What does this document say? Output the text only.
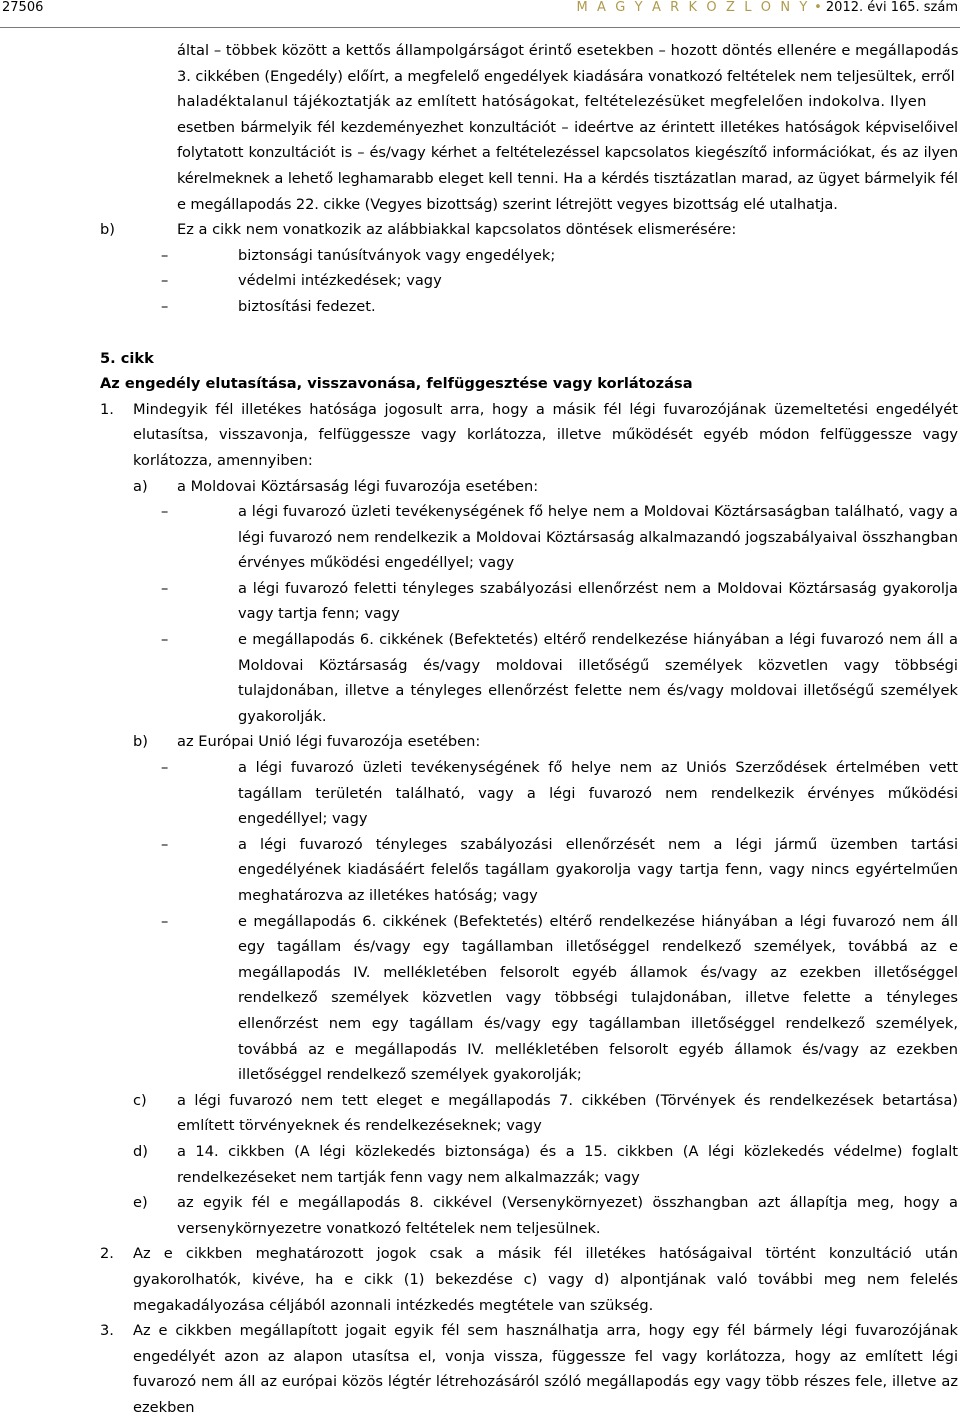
27506	M A G Y A R K Ö Z L Ö N Y • 2012. évi 165. szám
által – többek között a kettős állampolgárságot érintő esetekben – hozott döntés ellenére e megállapodás
3. cikkében (Engedély) előírt, a megfelelő engedélyek kiadására vonatkozó feltételek nem teljesültek, erről
haladéktalanul tájékoztatják az említett hatóságokat, feltételezésüket megfelelően indokolva. Ilyen

esetben bármelyik fél kezdeményezhet konzultációt – ideértve az érintett illetékes hatóságok képviselőivel folytatott konzultációt is – és/vagy kérhet a feltételezéssel kapcsolatos kiegészítő információkat, és az ilyen kérelmeknek a lehető leghamarabb eleget kell tenni. Ha a kérdés tisztázatlan marad, az ügyet bármelyik fél e megállapodás 22. cikke (Vegyes bizottság) szerint létrejött vegyes bizottság elé utalhatja.

b)	Ez a cikk nem vonatkozik az alábbiakkal kapcsolatos döntések elismerésére:
–	biztonsági tanúsítványok vagy engedélyek;
–	védelmi intézkedések; vagy
–	biztosítási fedezet.
5. cikk
Az engedély elutasítása, visszavonása, felfüggesztése vagy korlátozása
1. Mindegyik fél illetékes hatósága jogosult arra, hogy a másik fél légi fuvarozójának üzemeltetési engedélyét elutasítsa, visszavonja, felfüggessze vagy korlátozza, illetve működését egyéb módon felfüggessze vagy korlátozza, amennyiben:

a) a Moldovai Köztársaság légi fuvarozója esetében:
–	a légi fuvarozó üzleti tevékenységének fő helye nem a Moldovai Köztársaságban található, vagy a légi fuvarozó nem rendelkezik a Moldovai Köztársaság alkalmazandó jogszabályaival összhangban érvényes működési engedéllyel; vagy

–	a légi fuvarozó feletti tényleges szabályozási ellenőrzést nem a Moldovai Köztársaság gyakorolja vagy tartja fenn; vagy

–	e megállapodás 6. cikkének (Befektetés) eltérő rendelkezése hiányában a légi fuvarozó nem áll a Moldovai Köztársaság és/vagy moldovai illetőségű személyek közvetlen vagy többségi tulajdonában, illetve a tényleges ellenőrzést felette nem és/vagy moldovai illetőségű személyek gyakorolják.

b) az Európai Unió légi fuvarozója esetében:
–	a légi fuvarozó üzleti tevékenységének fő helye nem az Uniós Szerződések értelmében vett tagállam területén található, vagy a légi fuvarozó nem rendelkezik érvényes működési engedéllyel; vagy

–	a légi fuvarozó tényleges szabályozási ellenőrzését nem a légi jármű üzemben tartási engedélyének kiadásáért felelős tagállam gyakorolja vagy tartja fenn, vagy nincs egyértelműen meghatározva az illetékes hatóság; vagy

–	e megállapodás 6. cikkének (Befektetés) eltérő rendelkezése hiányában a légi fuvarozó nem áll egy tagállam és/vagy egy tagállamban illetőséggel rendelkező személyek, továbbá az e megállapodás IV. mellékletében felsorolt egyéb államok és/vagy az ezekben illetőséggel rendelkező személyek közvetlen vagy többségi tulajdonában, illetve felette a tényleges ellenőrzést nem egy tagállam és/vagy egy tagállamban illetőséggel rendelkező személyek, továbbá az e megállapodás IV. mellékletében felsorolt egyéb államok és/vagy az ezekben illetőséggel rendelkező személyek gyakorolják;

c) a légi fuvarozó nem tett eleget e megállapodás 7. cikkében (Törvények és rendelkezések betartása) említett törvényeknek és rendelkezéseknek; vagy

d) a 14. cikkben (A légi közlekedés biztonsága) és a 15. cikkben (A légi közlekedés védelme) foglalt rendelkezéseket nem tartják fenn vagy nem alkalmazzák; vagy

e) az egyik fél e megállapodás 8. cikkével (Versenykörnyezet) összhangban azt állapítja meg, hogy a versenykörnyezetre vonatkozó feltételek nem teljesülnek.

2. Az e cikkben meghatározott jogok csak a másik fél illetékes hatóságaival történt konzultáció után gyakorolhatók, kivéve, ha e cikk (1) bekezdése c) vagy d) alpontjának való további meg nem felelés megakadályozása céljából azonnali intézkedés megtétele van szükség.

3. Az e cikkben megállapított jogait egyik fél sem használhatja arra, hogy egy fél bármely légi fuvarozójának engedélyét azon az alapon utasítsa el, vonja vissza, függessze fel vagy korlátozza, hogy az említett légi fuvarozó nem áll az európai közös légtér létrehozásáról szóló megállapodás egy vagy több részes fele, illetve az ezekben
